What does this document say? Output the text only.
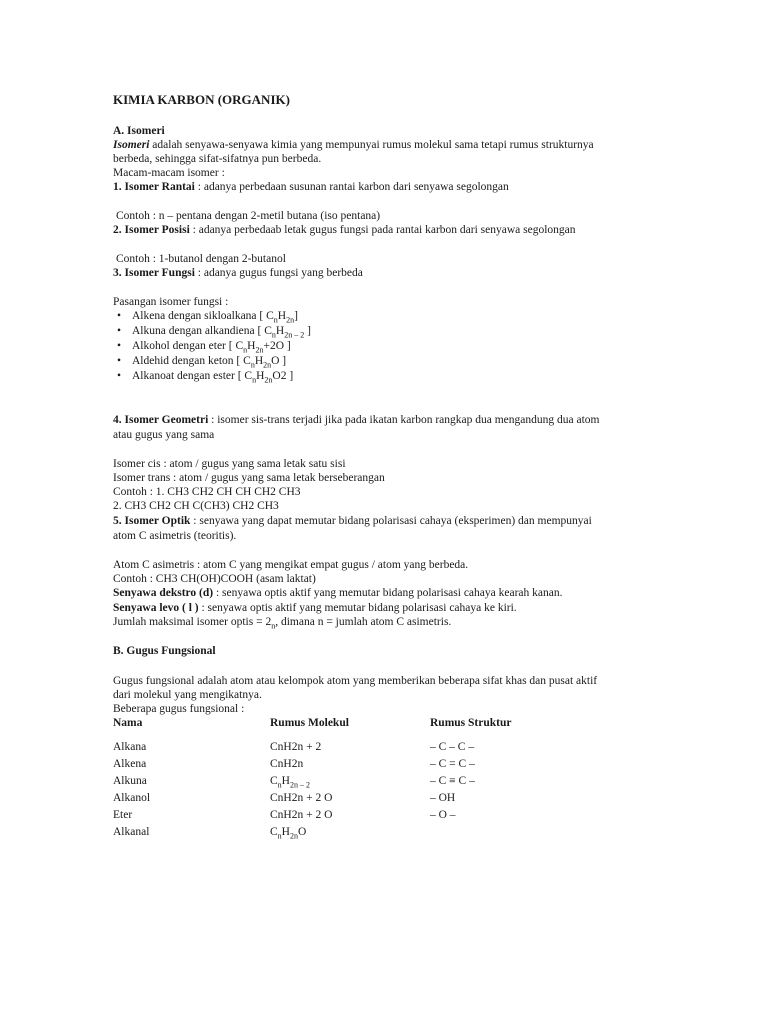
KIMIA KARBON (ORGANIK)
A. Isomeri
Isomeri adalah senyawa-senyawa kimia yang mempunyai rumus molekul sama tetapi rumus strukturnya
berbeda, sehingga sifat-sifatnya pun berbeda.
Macam-macam isomer :
1. Isomer Rantai : adanya perbedaan susunan rantai karbon dari senyawa segolongan
Contoh : n – pentana dengan 2-metil butana (iso pentana)
2. Isomer Posisi : adanya perbedaab letak gugus fungsi pada rantai karbon dari senyawa segolongan
Contoh : 1-butanol dengan 2-butanol
3. Isomer Fungsi : adanya gugus fungsi yang berbeda
Pasangan isomer fungsi :
• Alkena dengan sikloalkana [ $C_nH_{2n}$]
• Alkuna dengan alkandiena [ $C_nH_{2n - 2}$ ]
• Alkohol dengan eter [ $C_nH_{2n}+2O$ ]
• Aldehid dengan keton [ $C_nH_{2n}O$ ]
• Alkanoat dengan ester [ $C_nH_{2n}O2$ ]
4. Isomer Geometri : isomer sis-trans terjadi jika pada ikatan karbon rangkap dua mengandung dua atom
atau gugus yang sama
Isomer cis : atom / gugus yang sama letak satu sisi
Isomer trans : atom / gugus yang sama letak berseberangan
Contoh : 1. CH3 CH2 CH CH CH2 CH3
2. CH3 CH2 CH C(CH3) CH2 CH3
5. Isomer Optik : senyawa yang dapat memutar bidang polarisasi cahaya (eksperimen) dan mempunyai
atom C asimetris (teoritis).
Atom C asimetris : atom C yang mengikat empat gugus / atom yang berbeda.
Contoh : CH3 CH(OH)COOH (asam laktat)
Senyawa dekstro (d) : senyawa optis aktif yang memutar bidang polarisasi cahaya kearah kanan.
Senyawa levo ( l ) : senyawa optis aktif yang memutar bidang polarisasi cahaya ke kiri.
Jumlah maksimal isomer optis = $2_n$, dimana n = jumlah atom C asimetris.
B. Gugus Fungsional
Gugus fungsional adalah atom atau kelompok atom yang memberikan beberapa sifat khas dan pusat aktif
dari molekul yang mengikatnya.
Beberapa gugus fungsional :
Nama	Rumus Molekul	Rumus Struktur
Alkana	CnH2n + 2	– C – C –
Alkena	CnH2n	– C = C –
Alkuna	$C_nH_{2n - 2}$	– C ≡ C –
Alkanol	CnH2n + 2 O	– OH
Eter	CnH2n + 2 O	– O –
Alkanal	$C_nH_{2n}O$
